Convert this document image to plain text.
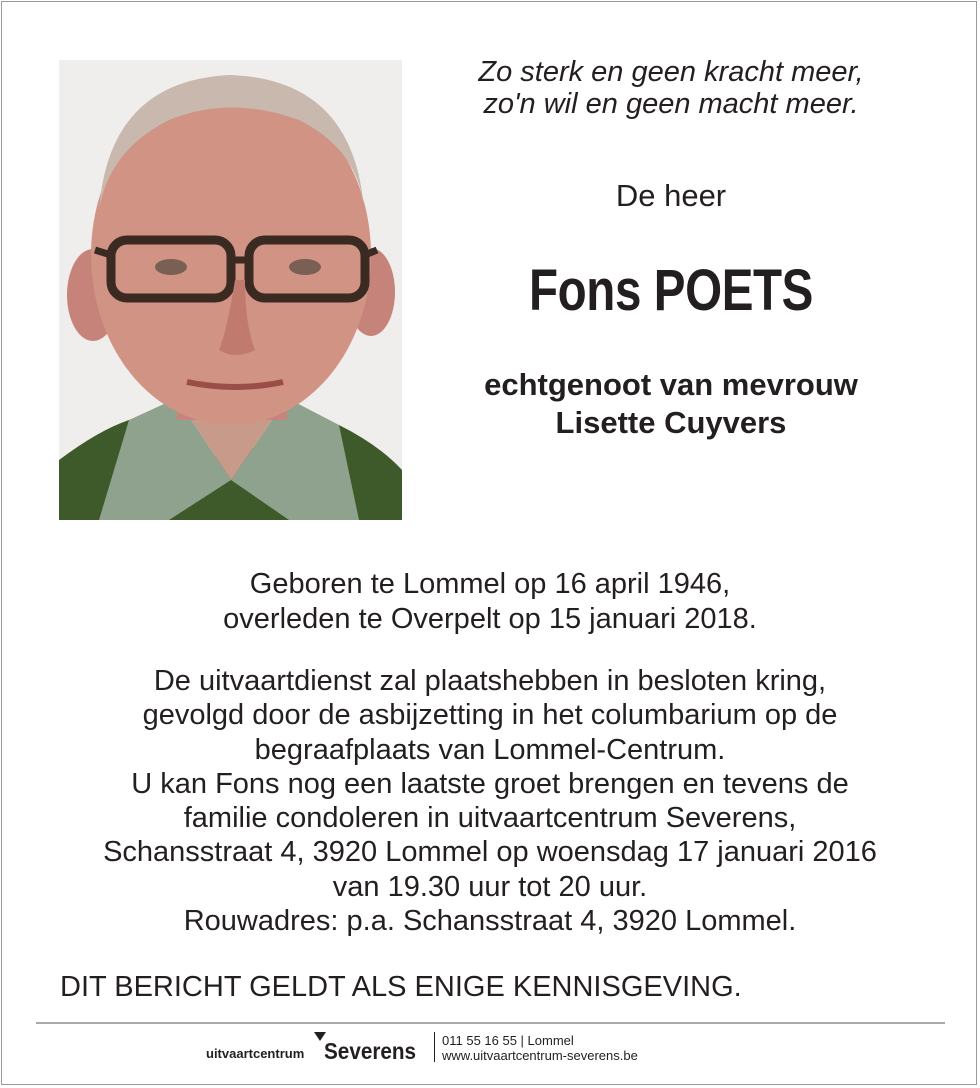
Zo sterk en geen kracht meer,
zo'n wil en geen macht meer.
De heer
Fons POETS
echtgenoot van mevrouw
Lisette Cuyvers
Geboren te Lommel op 16 april 1946,
overleden te Overpelt op 15 januari 2018.
De uitvaartdienst zal plaatshebben in besloten kring,
gevolgd door de asbijzetting in het columbarium op de
begraafplaats van Lommel-Centrum.
U kan Fons nog een laatste groet brengen en tevens de
familie condoleren in uitvaartcentrum Severens,
Schansstraat 4, 3920 Lommel op woensdag 17 januari 2016
van 19.30 uur tot 20 uur.
Rouwadres: p.a. Schansstraat 4, 3920 Lommel.
DIT BERICHT GELDT ALS ENIGE KENNISGEVING.
uitvaartcentrum Severens 011 55 16 55 | Lommel
www.uitvaartcentrum-severens.be
